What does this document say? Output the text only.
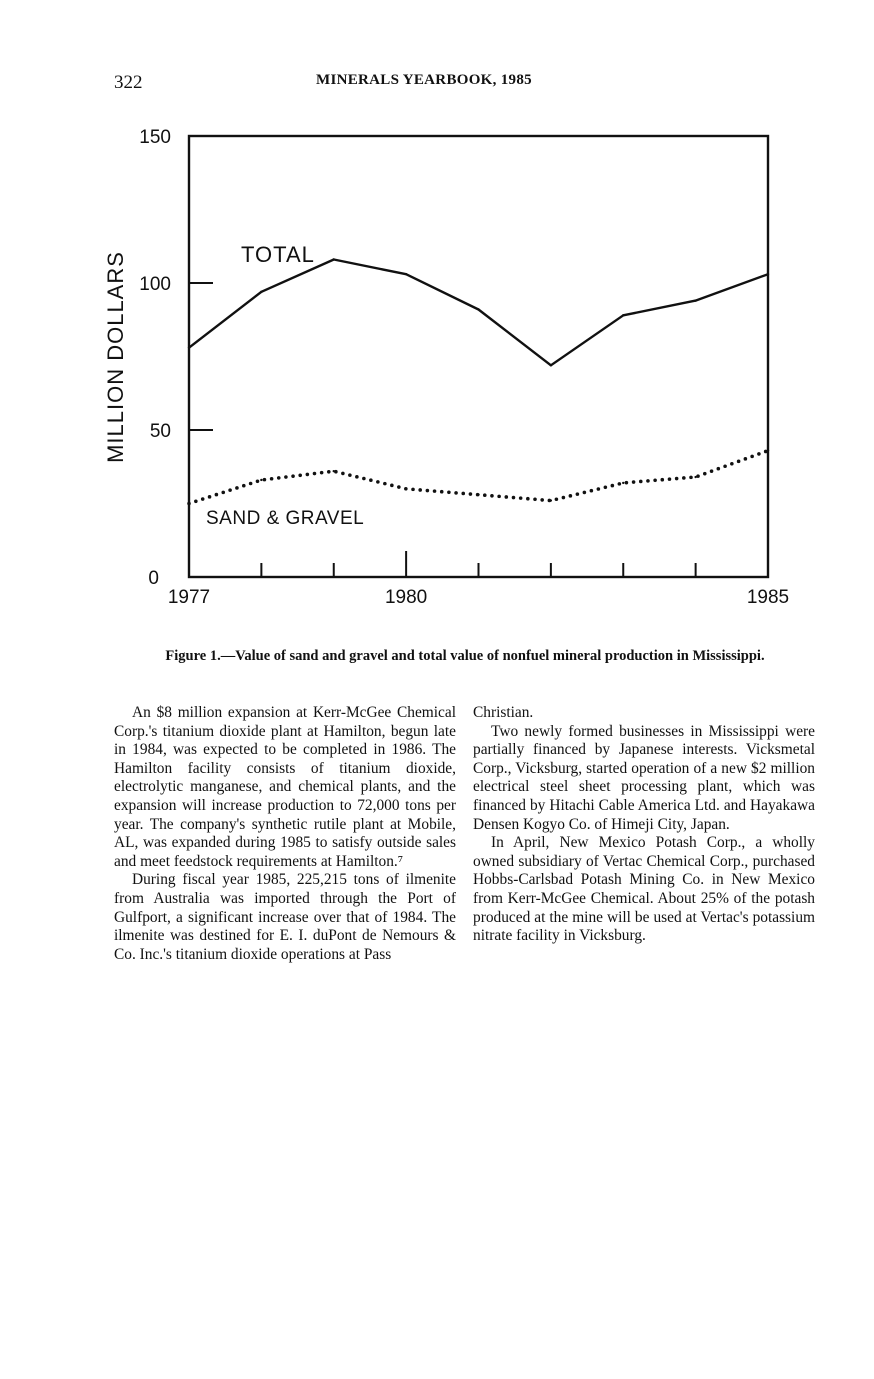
322	MINERALS YEARBOOK, 1985
0
50
100
150
1977	1980	1985
MILLION DOLLARS	TOTAL
SAND & GRAVEL
Figure 1.—Value of sand and gravel and total value of nonfuel mineral production in Mississippi.

An $8 million expansion at Kerr-McGee Chemical Corp.'s titanium dioxide plant at Hamilton, begun late in 1984, was expected to be completed in 1986. The Hamilton facility consists of titanium dioxide, electrolytic manganese, and chemical plants, and the expansion will increase production to 72,000 tons per year. The company's synthetic rutile plant at Mobile, AL, was expanded during 1985 to satisfy outside sales and meet feedstock requirements at Hamilton.⁷

During fiscal year 1985, 225,215 tons of ilmenite from Australia was imported through the Port of Gulfport, a significant increase over that of 1984. The ilmenite was destined for E. I. duPont de Nemours & Co. Inc.'s titanium dioxide operations at Pass

Christian.

Two newly formed businesses in Mississippi were partially financed by Japanese interests. Vicksmetal Corp., Vicksburg, started operation of a new $2 million electrical steel sheet processing plant, which was financed by Hitachi Cable America Ltd. and Hayakawa Densen Kogyo Co. of Himeji City, Japan.

In April, New Mexico Potash Corp., a wholly owned subsidiary of Vertac Chemical Corp., purchased Hobbs-Carlsbad Potash Mining Co. in New Mexico from Kerr-McGee Chemical. About 25% of the potash produced at the mine will be used at Vertac's potassium nitrate facility in Vicksburg.
